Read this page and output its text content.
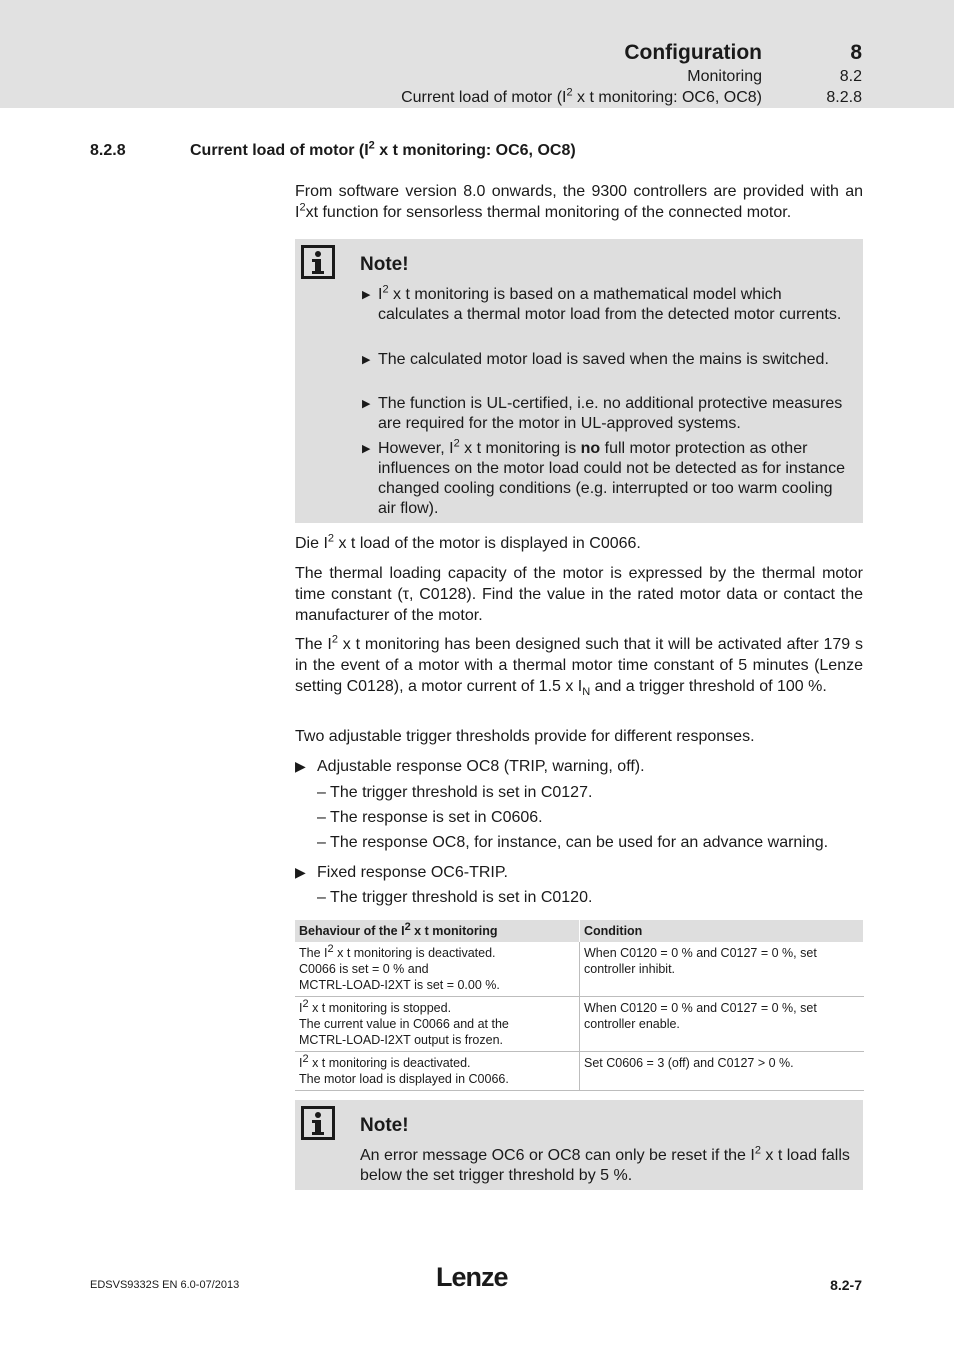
Configuration	8
Monitoring	8.2
Current load of motor ($I^2$ x t monitoring: OC6, OC8)	8.2.8
8.2.8	Current load of motor ($I^2$ x t monitoring: OC6, OC8)

From software version 8.0 onwards, the 9300 controllers are provided with an $I^2xt$ function for sensorless thermal monitoring of the connected motor.

Note!
▶ $I^2$ x t monitoring is based on a mathematical model which calculates a thermal motor load from the detected motor currents.
▶ The calculated motor load is saved when the mains is switched.
▶ The function is UL-certified, i.e. no additional protective measures are required for the motor in UL-approved systems.
▶ However, $I^2$ x t monitoring is no full motor protection as other influences on the motor load could not be detected as for instance changed cooling conditions (e.g. interrupted or too warm cooling air flow).

Die $I^2$ x t load of the motor is displayed in C0066.

The thermal loading capacity of the motor is expressed by the thermal motor time constant (τ, C0128). Find the value in the rated motor data or contact the manufacturer of the motor.

The $I^2$ x t monitoring has been designed such that it will be activated after 179 s in the event of a motor with a thermal motor time constant of 5 minutes (Lenze setting C0128), a motor current of 1.5 x $I_N$ and a trigger threshold of 100 %.

Two adjustable trigger thresholds provide for different responses.

▶ Adjustable response OC8 (TRIP, warning, off).
– The trigger threshold is set in C0127.
– The response is set in C0606.
– The response OC8, for instance, can be used for an advance warning.
▶ Fixed response OC6-TRIP.
– The trigger threshold is set in C0120.
Behaviour of the $I^2$ x t monitoring	Condition
The $I^2$ x t monitoring is deactivated.
C0066 is set = 0 % and
MCTRL-LOAD-I2XT is set = 0.00 %.	When C0120 = 0 % and C0127 = 0 %, set controller inhibit.
$I^2$ x t monitoring is stopped.
The current value in C0066 and at the
MCTRL-LOAD-I2XT output is frozen.	When C0120 = 0 % and C0127 = 0 %, set controller enable.
$I^2$ x t monitoring is deactivated.
The motor load is displayed in C0066.	Set C0606 = 3 (off) and C0127 > 0 %.
Note!
An error message OC6 or OC8 can only be reset if the $I^2$ x t load falls below the set trigger threshold by 5 %.
EDSVS9332S EN 6.0-07/2013	Lenze	8.2-7
